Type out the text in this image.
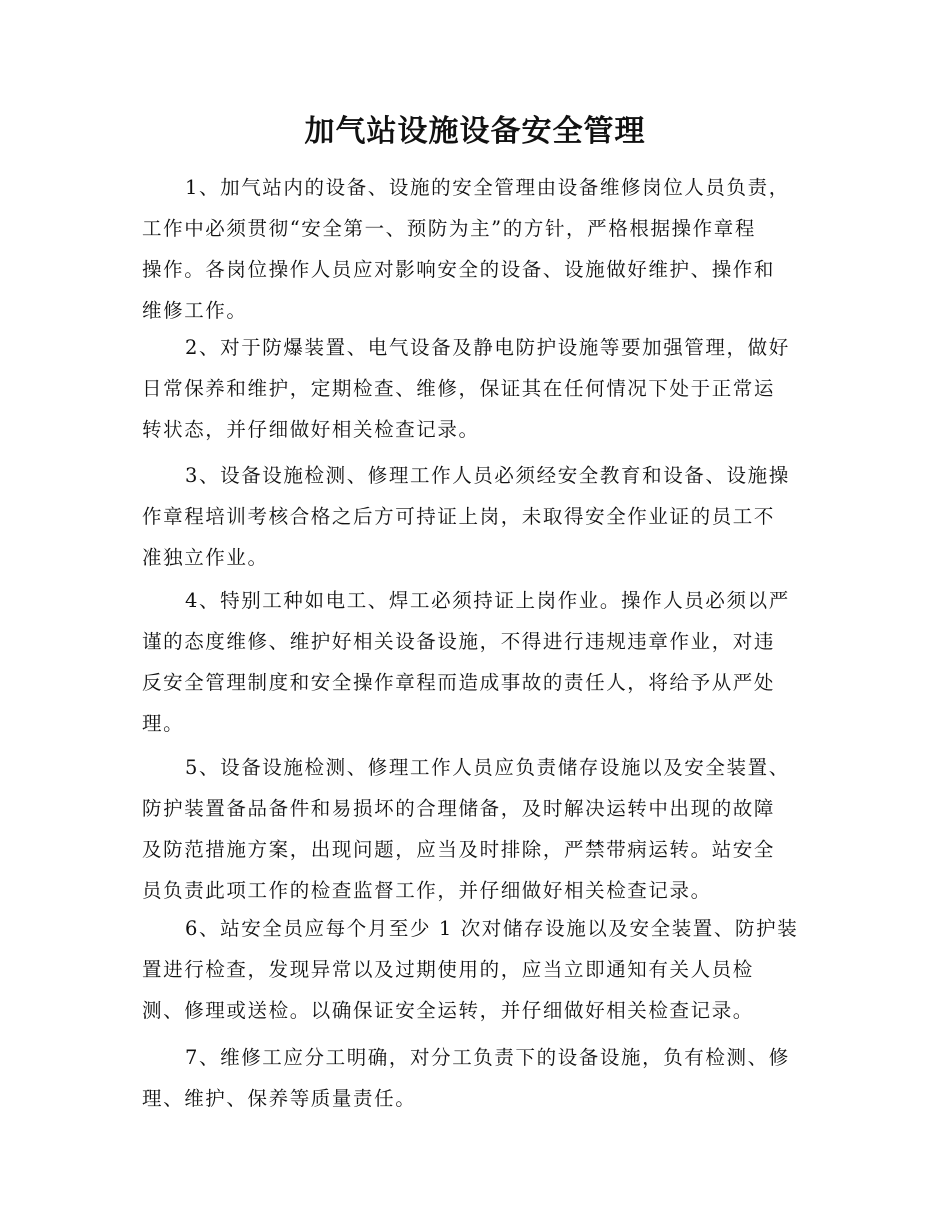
加气站设施设备安全管理
1、加气站内的设备、设施的安全管理由设备维修岗位人员负责，
工作中必须贯彻“安全第一、预防为主”的方针，严格根据操作章程
操作。各岗位操作人员应对影响安全的设备、设施做好维护、操作和
维修工作。
2、对于防爆装置、电气设备及静电防护设施等要加强管理，做好
日常保养和维护，定期检查、维修，保证其在任何情况下处于正常运
转状态，并仔细做好相关检查记录。
3、设备设施检测、修理工作人员必须经安全教育和设备、设施操
作章程培训考核合格之后方可持证上岗，未取得安全作业证的员工不
准独立作业。
4、特别工种如电工、焊工必须持证上岗作业。操作人员必须以严
谨的态度维修、维护好相关设备设施，不得进行违规违章作业，对违
反安全管理制度和安全操作章程而造成事故的责任人，将给予从严处
理。
5、设备设施检测、修理工作人员应负责储存设施以及安全装置、
防护装置备品备件和易损坏的合理储备，及时解决运转中出现的故障
及防范措施方案，出现问题，应当及时排除，严禁带病运转。站安全
员负责此项工作的检查监督工作，并仔细做好相关检查记录。
6、站安全员应每个月至少 1 次对储存设施以及安全装置、防护装
置进行检查，发现异常以及过期使用的，应当立即通知有关人员检
测、修理或送检。以确保证安全运转，并仔细做好相关检查记录。
7、维修工应分工明确，对分工负责下的设备设施，负有检测、修
理、维护、保养等质量责任。
